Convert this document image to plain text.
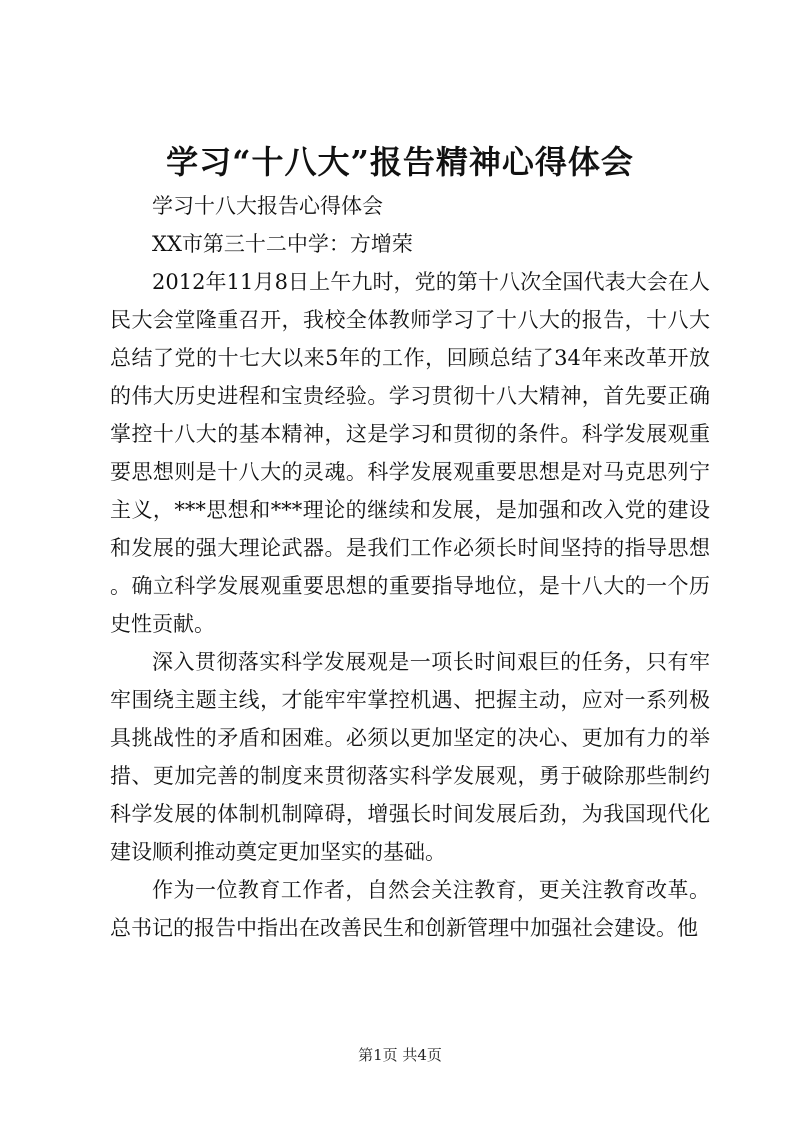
学习“十八大”报告精神心得体会

学习十八大报告心得体会

XX市第三十二中学：方增荣

2012年11月8日上午九时，党的第十八次全国代表大会在人民大会堂隆重召开，我校全体教师学习了十八大的报告，十八大总结了党的十七大以来5年的工作，回顾总结了34年来改革开放的伟大历史进程和宝贵经验。学习贯彻十八大精神，首先要正确掌控十八大的基本精神，这是学习和贯彻的条件。科学发展观重要思想则是十八大的灵魂。科学发展观重要思想是对马克思列宁主义，***思想和***理论的继续和发展，是加强和改入党的建设和发展的强大理论武器。是我们工作必须长时间坚持的指导思想。确立科学发展观重要思想的重要指导地位，是十八大的一个历史性贡献。

深入贯彻落实科学发展观是一项长时间艰巨的任务，只有牢牢围绕主题主线，才能牢牢掌控机遇、把握主动，应对一系列极具挑战性的矛盾和困难。必须以更加坚定的决心、更加有力的举措、更加完善的制度来贯彻落实科学发展观，勇于破除那些制约科学发展的体制机制障碍，增强长时间发展后劲，为我国现代化建设顺利推动奠定更加坚实的基础。

作为一位教育工作者，自然会关注教育，更关注教育改革。总书记的报告中指出在改善民生和创新管理中加强社会建设。他

第1页 共4页
